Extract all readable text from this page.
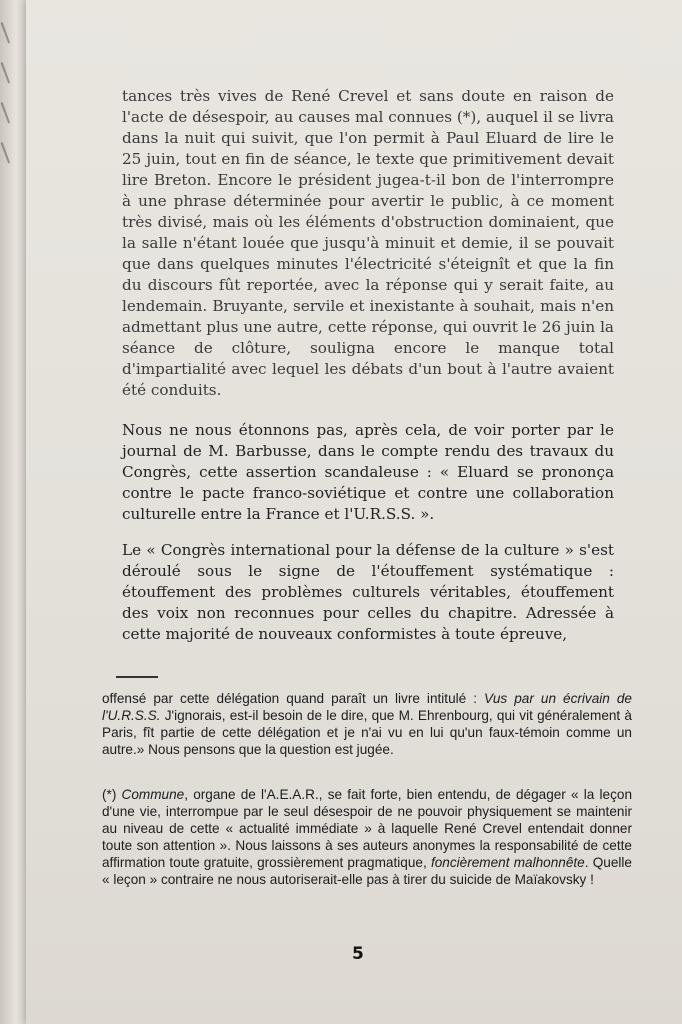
tances très vives de René Crevel et sans doute en raison de l'acte de désespoir, au causes mal connues (*), auquel il se livra dans la nuit qui suivit, que l'on permit à Paul Eluard de lire le 25 juin, tout en fin de séance, le texte que primitivement devait lire Breton. Encore le président jugea-t-il bon de l'interrompre à une phrase déterminée pour avertir le public, à ce moment très divisé, mais où les éléments d'obstruction dominaient, que la salle n'étant louée que jusqu'à minuit et demie, il se pouvait que dans quelques minutes l'électricité s'éteignît et que la fin du discours fût reportée, avec la réponse qui y serait faite, au lendemain. Bruyante, servile et inexistante à souhait, mais n'en admettant plus une autre, cette réponse, qui ouvrit le 26 juin la séance de clôture, souligna encore le manque total d'impartialité avec lequel les débats d'un bout à l'autre avaient été conduits.

Nous ne nous étonnons pas, après cela, de voir porter par le journal de M. Barbusse, dans le compte rendu des travaux du Congrès, cette assertion scandaleuse : « Eluard se prononça contre le pacte franco-soviétique et contre une collaboration culturelle entre la France et l'U.R.S.S. ».

Le « Congrès international pour la défense de la culture » s'est déroulé sous le signe de l'étouffement systématique : étouffement des problèmes culturels véritables, étouffement des voix non reconnues pour celles du chapitre. Adressée à cette majorité de nouveaux conformistes à toute épreuve,

offensé par cette délégation quand paraît un livre intitulé : Vus par un écrivain de l'U.R.S.S. J'ignorais, est-il besoin de le dire, que M. Ehrenbourg, qui vit généralement à Paris, fît partie de cette délégation et je n'ai vu en lui qu'un faux-témoin comme un autre.» Nous pensons que la question est jugée.

(*) Commune, organe de l'A.E.A.R., se fait forte, bien entendu, de dégager « la leçon d'une vie, interrompue par le seul désespoir de ne pouvoir physiquement se maintenir au niveau de cette « actualité immédiate » à laquelle René Crevel entendait donner toute son attention ». Nous laissons à ses auteurs anonymes la responsabilité de cette affirmation toute gratuite, grossièrement pragmatique, foncièrement malhonnête. Quelle « leçon » contraire ne nous autoriserait-elle pas à tirer du suicide de Maïakovsky !

5
